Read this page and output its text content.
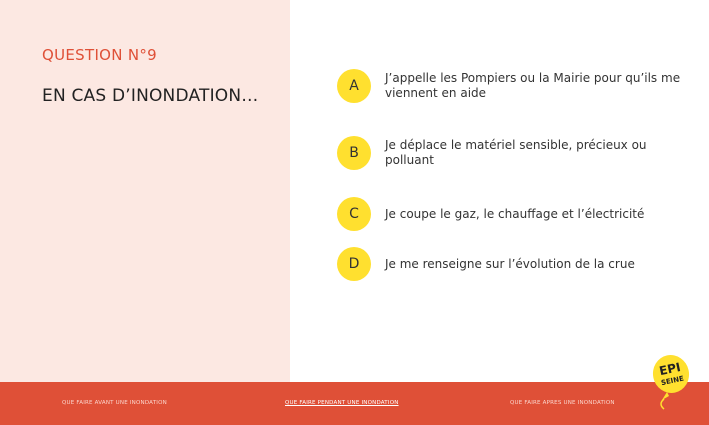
QUESTION N°9
EN CAS D’INONDATION…	A	J’appelle les Pompiers ou la Mairie pour qu’ils me viennent en aide
B	Je déplace le matériel sensible, précieux ou polluant
C	Je coupe le gaz, le chauffage et l’électricité
D	Je me renseigne sur l’évolution de la crue
QUE FAIRE AVANT UNE INONDATION	QUE FAIRE PENDANT UNE INONDATION	QUE FAIRE APRES UNE INONDATION
EPI
SEINE
